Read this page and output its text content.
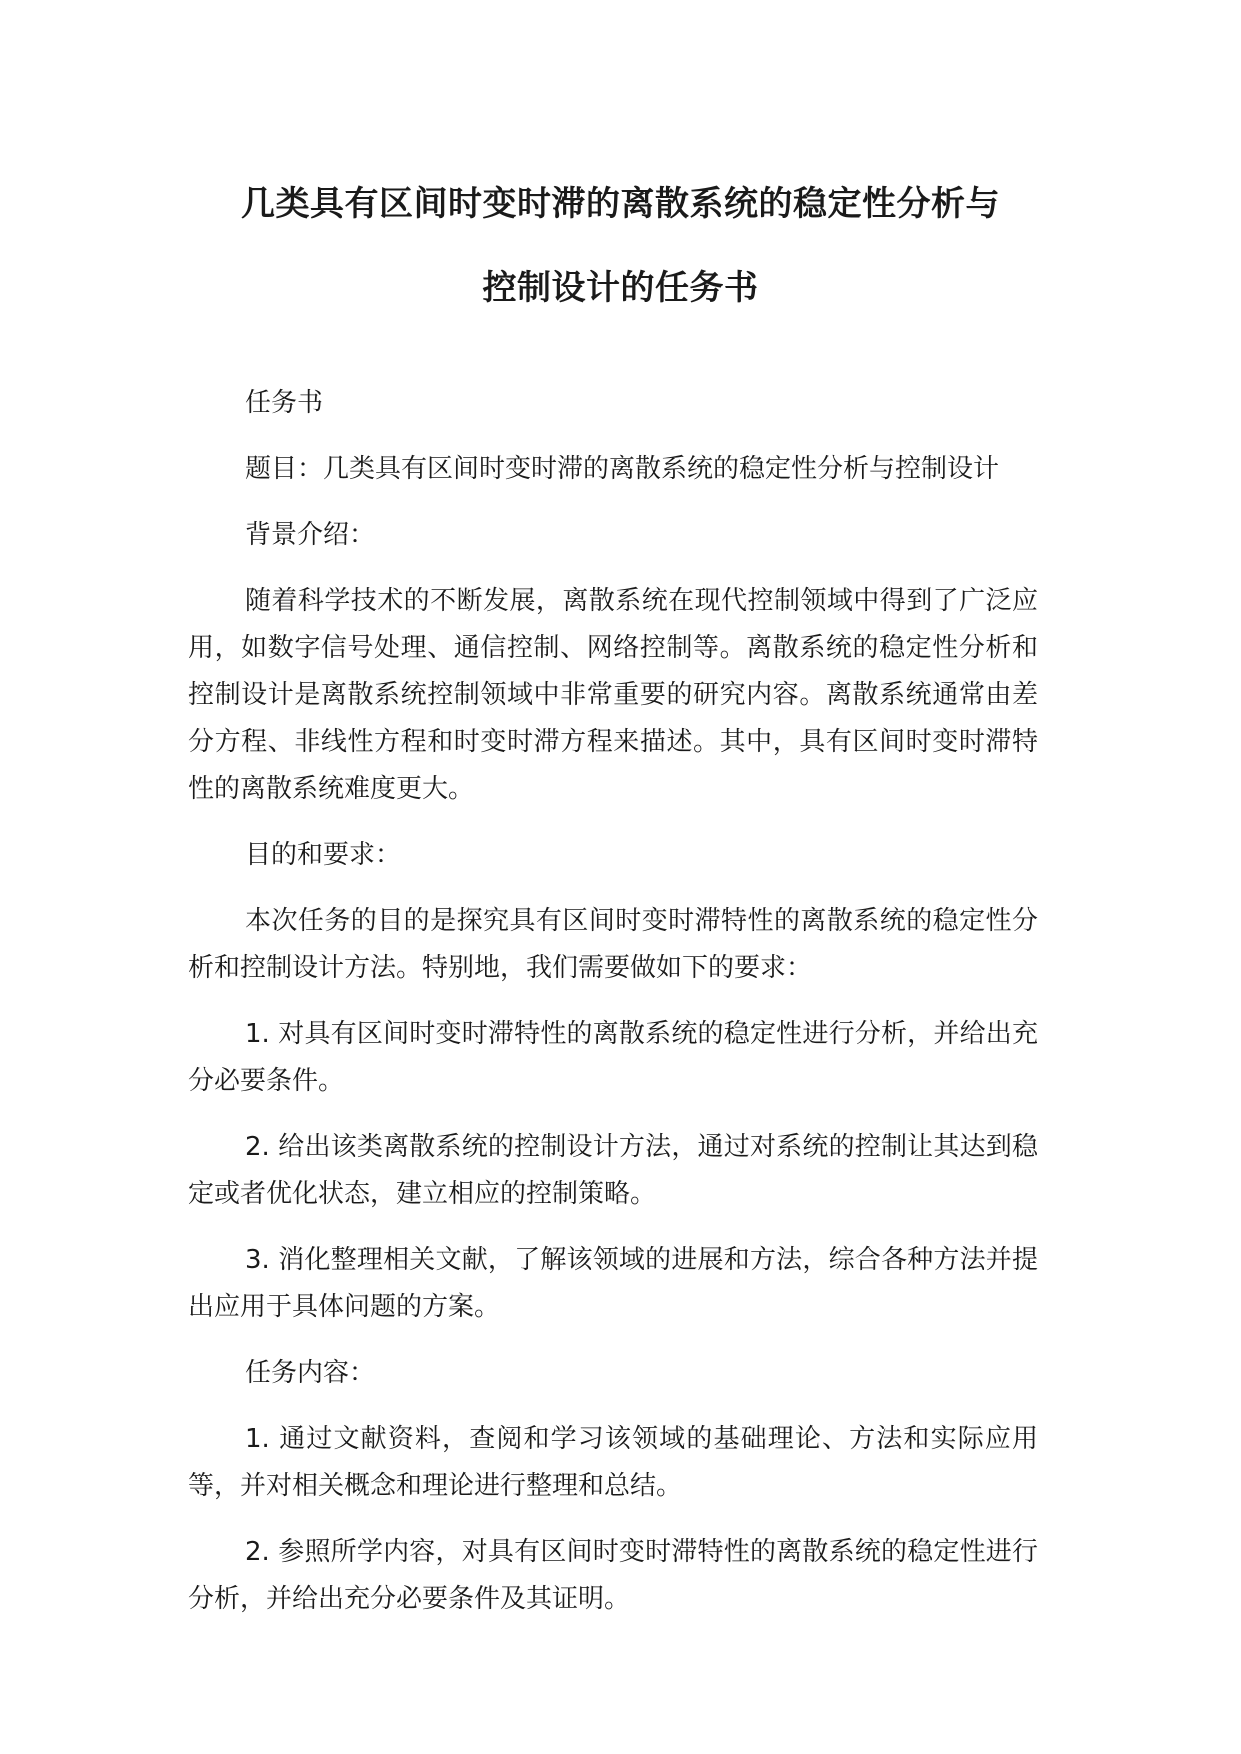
几类具有区间时变时滞的离散系统的稳定性分析与
控制设计的任务书

任务书

题目：几类具有区间时变时滞的离散系统的稳定性分析与控制设计

背景介绍：

随着科学技术的不断发展，离散系统在现代控制领域中得到了广泛应用，如数字信号处理、通信控制、网络控制等。离散系统的稳定性分析和控制设计是离散系统控制领域中非常重要的研究内容。离散系统通常由差分方程、非线性方程和时变时滞方程来描述。其中，具有区间时变时滞特性的离散系统难度更大。

目的和要求：

本次任务的目的是探究具有区间时变时滞特性的离散系统的稳定性分析和控制设计方法。特别地，我们需要做如下的要求：

1. 对具有区间时变时滞特性的离散系统的稳定性进行分析，并给出充分必要条件。

2. 给出该类离散系统的控制设计方法，通过对系统的控制让其达到稳定或者优化状态，建立相应的控制策略。

3. 消化整理相关文献，了解该领域的进展和方法，综合各种方法并提出应用于具体问题的方案。

任务内容：

1. 通过文献资料，查阅和学习该领域的基础理论、方法和实际应用等，并对相关概念和理论进行整理和总结。

2. 参照所学内容，对具有区间时变时滞特性的离散系统的稳定性进行分析，并给出充分必要条件及其证明。
